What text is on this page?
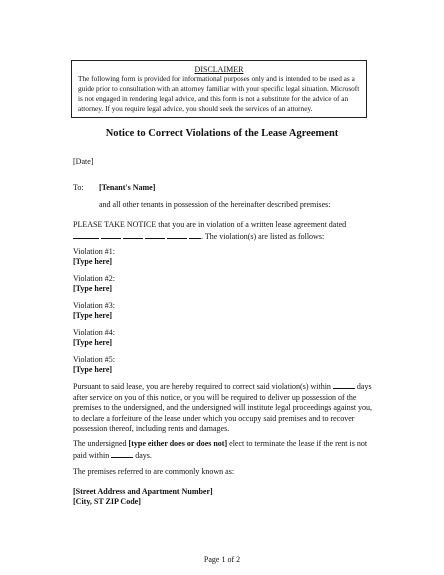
DISCLAIMER
The following form is provided for informational purposes only and is intended to be used as a guide prior to consultation with an attorney familiar with your specific legal situation. Microsoft is not engaged in rendering legal advice, and this form is not a substitute for the advice of an attorney. If you require legal advice, you should seek the services of an attorney.
Notice to Correct Violations of the Lease Agreement
[Date]
To: [Tenant's Name]
and all other tenants in possession of the hereinafter described premises:
PLEASE TAKE NOTICE that you are in violation of a written lease agreement dated
. The violation(s) are listed as follows:
Violation #1:
[Type here]
Violation #2:
[Type here]
Violation #3:
[Type here]
Violation #4:
[Type here]
Violation #5:
[Type here]
Pursuant to said lease, you are hereby required to correct said violation(s) within	days after service on you of this notice, or you will be required to deliver up possession of the premises to the undersigned, and the undersigned will institute legal proceedings against you, to declare a forfeiture of the lease under which you occupy said premises and to recover possession thereof, including rents and damages.
The undersigned [type either does or does not] elect to terminate the lease if the rent is not paid within	days.
The premises referred to are commonly known as:
[Street Address and Apartment Number]
[City, ST ZIP Code]
Page 1 of 2
